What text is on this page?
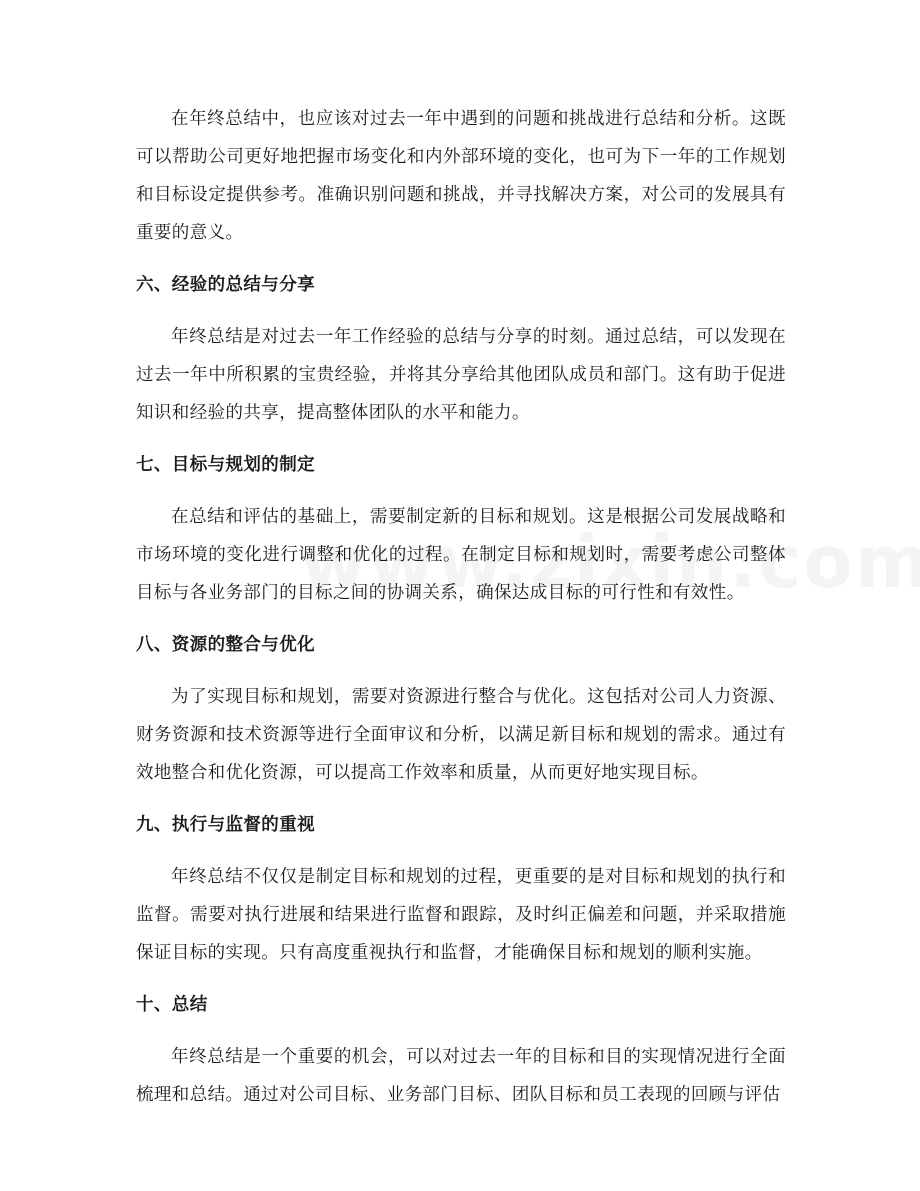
在年终总结中，也应该对过去一年中遇到的问题和挑战进行总结和分析。这既可以帮助公司更好地把握市场变化和内外部环境的变化，也可为下一年的工作规划和目标设定提供参考。准确识别问题和挑战，并寻找解决方案，对公司的发展具有重要的意义。

六、经验的总结与分享

年终总结是对过去一年工作经验的总结与分享的时刻。通过总结，可以发现在过去一年中所积累的宝贵经验，并将其分享给其他团队成员和部门。这有助于促进知识和经验的共享，提高整体团队的水平和能力。

七、目标与规划的制定

在总结和评估的基础上，需要制定新的目标和规划。这是根据公司发展战略和市场环境的变化进行调整和优化的过程。在制定目标和规划时，需要考虑公司整体目标与各业务部门的目标之间的协调关系，确保达成目标的可行性和有效性。

八、资源的整合与优化

为了实现目标和规划，需要对资源进行整合与优化。这包括对公司人力资源、财务资源和技术资源等进行全面审议和分析，以满足新目标和规划的需求。通过有效地整合和优化资源，可以提高工作效率和质量，从而更好地实现目标。

九、执行与监督的重视

年终总结不仅仅是制定目标和规划的过程，更重要的是对目标和规划的执行和监督。需要对执行进展和结果进行监督和跟踪，及时纠正偏差和问题，并采取措施保证目标的实现。只有高度重视执行和监督，才能确保目标和规划的顺利实施。

十、总结

年终总结是一个重要的机会，可以对过去一年的目标和目的实现情况进行全面梳理和总结。通过对公司目标、业务部门目标、团队目标和员工表现的回顾与评估
